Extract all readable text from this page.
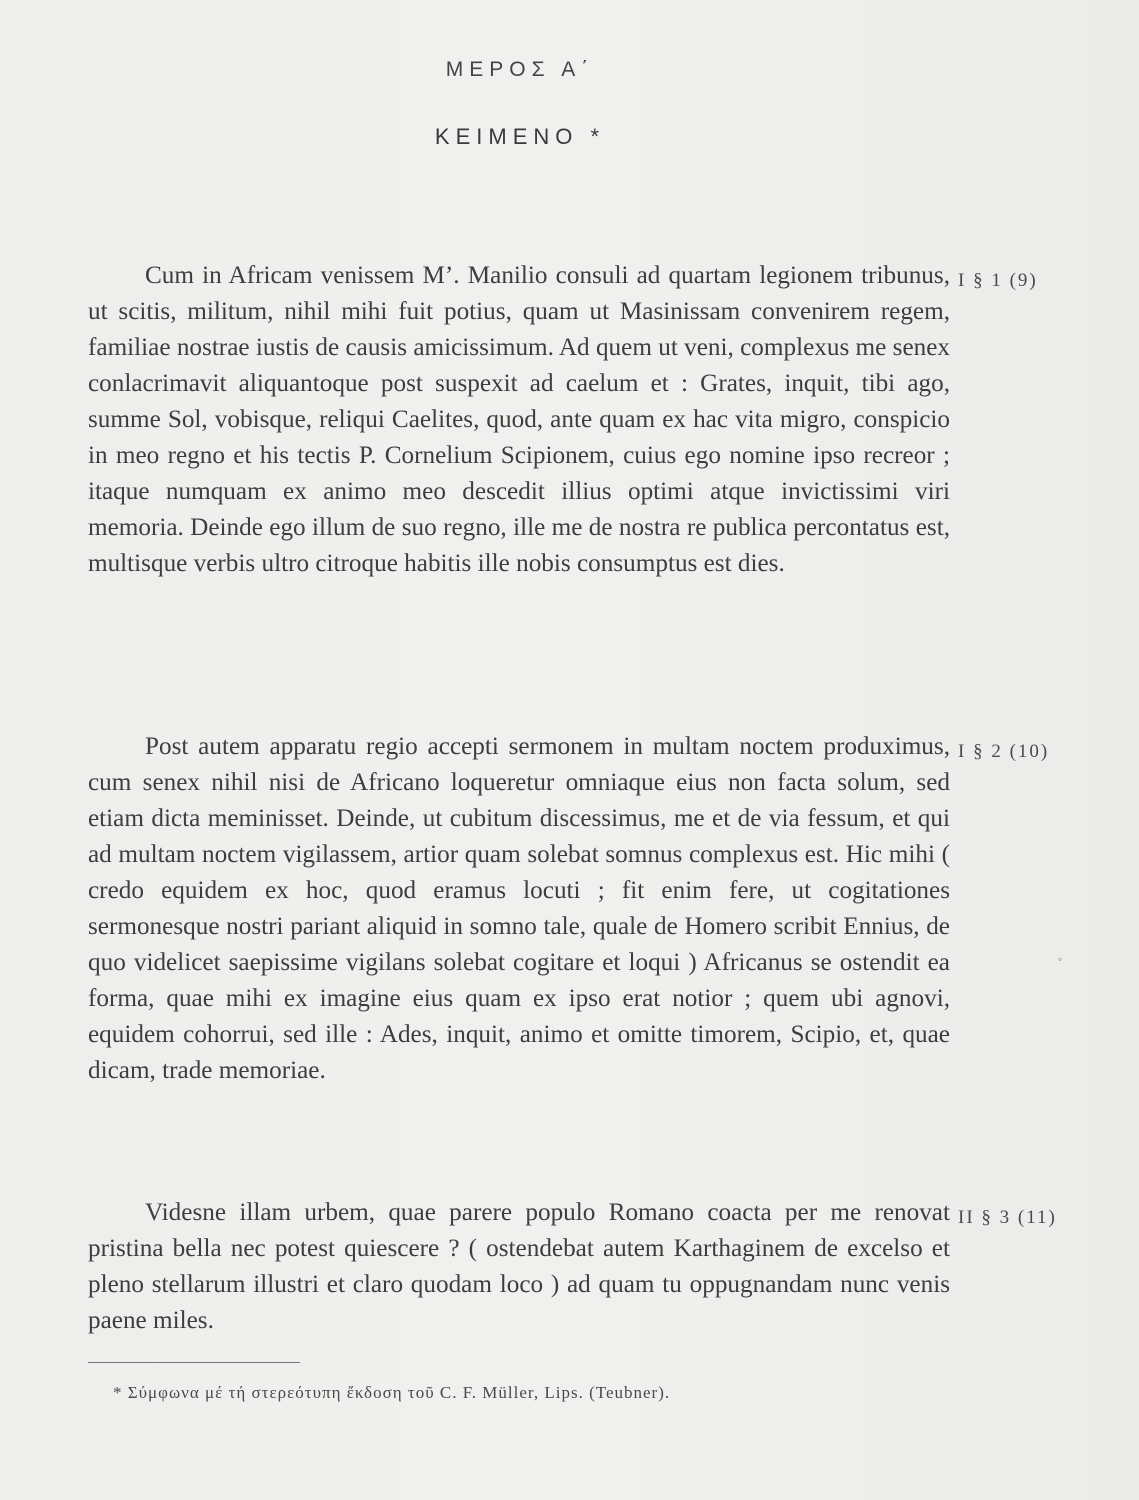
ΜΕΡΟΣ Α΄
ΚΕΙΜΕΝΟ *

Cum in Africam venissem M’. Manilio consuli ad quartam legionem tribunus, ut scitis, militum, nihil mihi fuit potius, quam ut Masinissam convenirem regem, familiae nostrae iustis de causis amicissimum. Ad quem ut veni, complexus me senex conlacrimavit aliquantoque post suspexit ad caelum et : Grates, inquit, tibi ago, summe Sol, vobisque, reliqui Caelites, quod, ante quam ex hac vita migro, conspicio in meo regno et his tectis P. Cornelium Scipionem, cuius ego nomine ipso recreor ; itaque numquam ex animo meo descedit illius optimi atque invictissimi viri memoria. Deinde ego illum de suo regno, ille me de nostra re publica percontatus est, multisque verbis ultro citroque habitis ille nobis consumptus est dies.

I § 1 (9)

Post autem apparatu regio accepti sermonem in multam noctem produximus, cum senex nihil nisi de Africano loqueretur omniaque eius non facta solum, sed etiam dicta meminisset. Deinde, ut cubitum discessimus, me et de via fessum, et qui ad multam noctem vigilassem, artior quam solebat somnus complexus est. Hic mihi ( credo equidem ex hoc, quod eramus locuti ; fit enim fere, ut cogitationes sermonesque nostri pariant aliquid in somno tale, quale de Homero scribit Ennius, de quo videlicet saepissime vigilans solebat cogitare et loqui ) Africanus se ostendit ea forma, quae mihi ex imagine eius quam ex ipso erat notior ; quem ubi agnovi, equidem cohorrui, sed ille : Ades, inquit, animo et omitte timorem, Scipio, et, quae dicam, trade memoriae.

I § 2 (10)

Videsne illam urbem, quae parere populo Romano coacta per me renovat pristina bella nec potest quiescere ? ( ostendebat autem Karthaginem de excelso et pleno stellarum illustri et claro quodam loco ) ad quam tu oppugnandam nunc venis paene miles.

II § 3 (11)
◦
* Σύμφωνα μέ τή στερεότυπη ἔκδοση τοῦ C. F. Müller, Lips. (Teubner).
